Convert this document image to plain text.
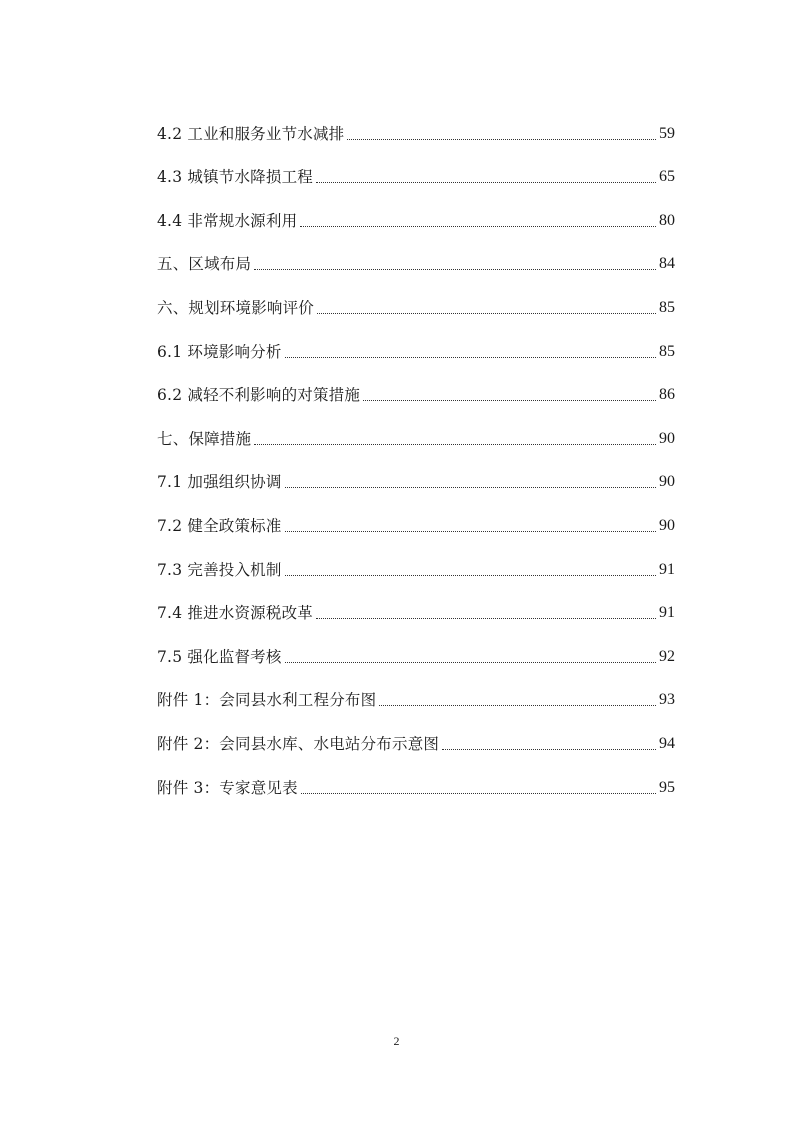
4.2 工业和服务业节水减排	59
4.3 城镇节水降损工程	65
4.4 非常规水源利用	80
五、区域布局	84
六、规划环境影响评价	85
6.1 环境影响分析	85
6.2 减轻不利影响的对策措施	86
七、保障措施	90
7.1 加强组织协调	90
7.2 健全政策标准	90
7.3 完善投入机制	91
7.4 推进水资源税改革	91
7.5 强化监督考核	92
附件 1：会同县水利工程分布图	93
附件 2：会同县水库、水电站分布示意图	94
附件 3：专家意见表	95
2
